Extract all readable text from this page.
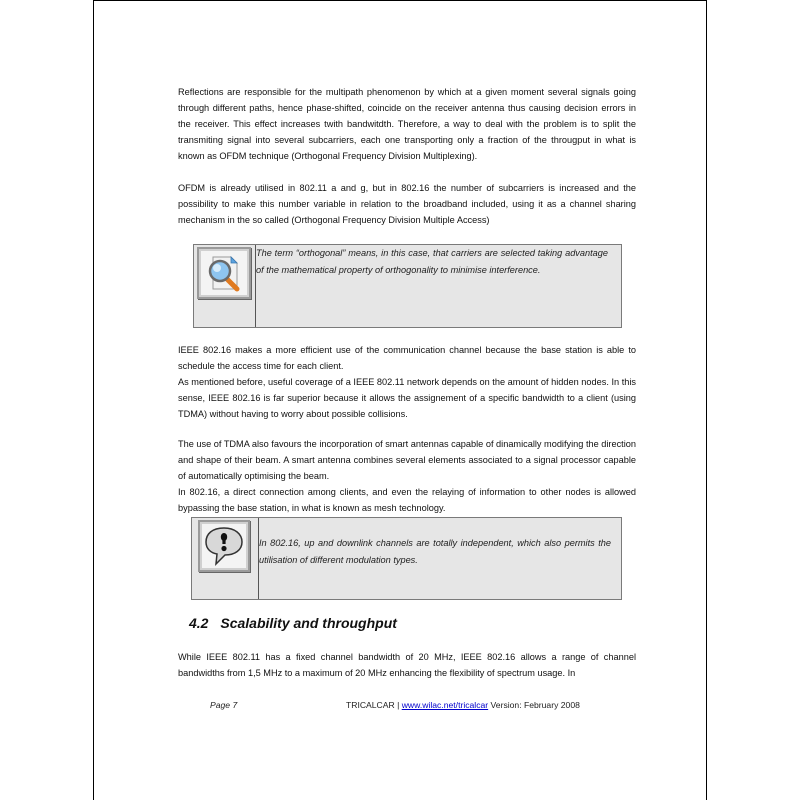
Reflections are responsible for the multipath phenomenon by which at a given moment several signals going through different paths, hence phase-shifted, coincide on the receiver antenna thus causing decision errors in the receiver. This effect increases twith bandwitdth. Therefore, a way to deal with the problem is to split the transmiting signal into several subcarriers, each one transporting only a fraction of the througput in what is known as OFDM technique (Orthogonal Frequency Division Multiplexing).

OFDM is already utilised in 802.11 a and g, but in 802.16 the number of subcarriers is increased and the possibility to make this number variable in relation to the broadband included, using it as a channel sharing mechanism in the so called (Orthogonal Frequency Division Multiple Access)

The term “orthogonal” means, in this case, that carriers are selected taking advantage of the mathematical property of orthogonality to minimise interference.

IEEE 802.16 makes a more efficient use of the communication channel because the base station is able to schedule the access time for each client.

As mentioned before, useful coverage of a IEEE 802.11 network depends on the amount of hidden nodes. In this sense, IEEE 802.16 is far superior because it allows the assignement of a specific bandwidth to a client (using TDMA) without having to worry about possible collisions.

The use of TDMA also favours the incorporation of smart antennas capable of dinamically modifying the direction and shape of their beam. A smart antenna combines several elements associated to a signal processor capable of automatically optimising the beam.

In 802.16, a direct connection among clients, and even the relaying of information to other nodes is allowed bypassing the base station, in what is known as mesh technology.

In 802.16, up and downlink channels are totally independent, which also permits the utilisation of different modulation types.
4.2 Scalability and throughput

While IEEE 802.11 has a fixed channel bandwidth of 20 MHz, IEEE 802.16 allows a range of channel bandwidths from 1,5 MHz to a maximum of 20 MHz enhancing the flexibility of spectrum usage. In

Page 7	TRICALCAR | www.wilac.net/tricalcar Version: February 2008
